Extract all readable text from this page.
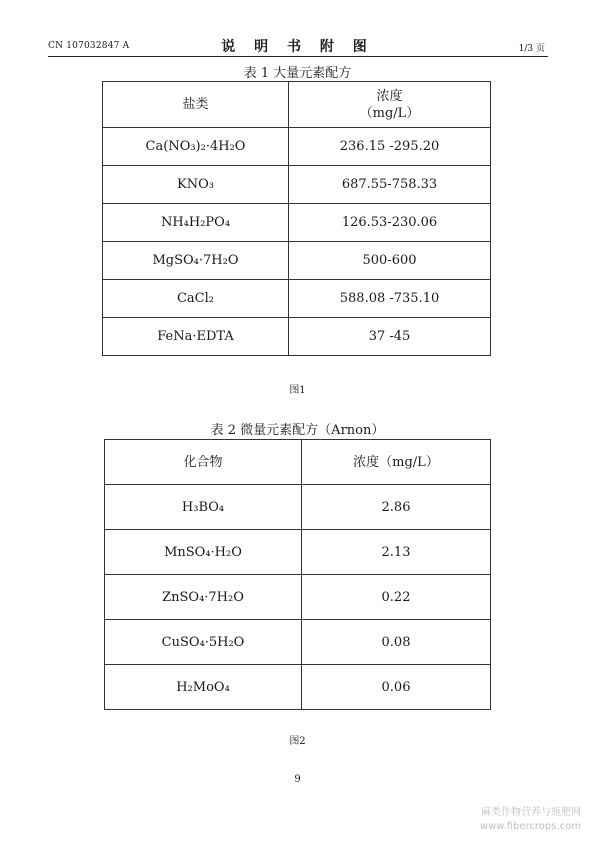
CN 107032847 A	说 明 书 附 图	1/3 页
表 1 大量元素配方
盐类	浓度
（mg/L）

Ca(NO₃)₂·4H₂O	236.15 -295.20
KNO₃	687.55-758.33
NH₄H₂PO₄	126.53-230.06
MgSO₄·7H₂O	500-600
CaCl₂	588.08 -735.10
FeNa·EDTA	37 -45
图1
表 2 微量元素配方（Arnon）
化合物	浓度（mg/L）
H₃BO₄	2.86
MnSO₄·H₂O	2.13
ZnSO₄·7H₂O	0.22
CuSO₄·5H₂O	0.08
H₂MoO₄	0.06
图2
9
麻类作物营养与施肥网
www.fibercrops.com
